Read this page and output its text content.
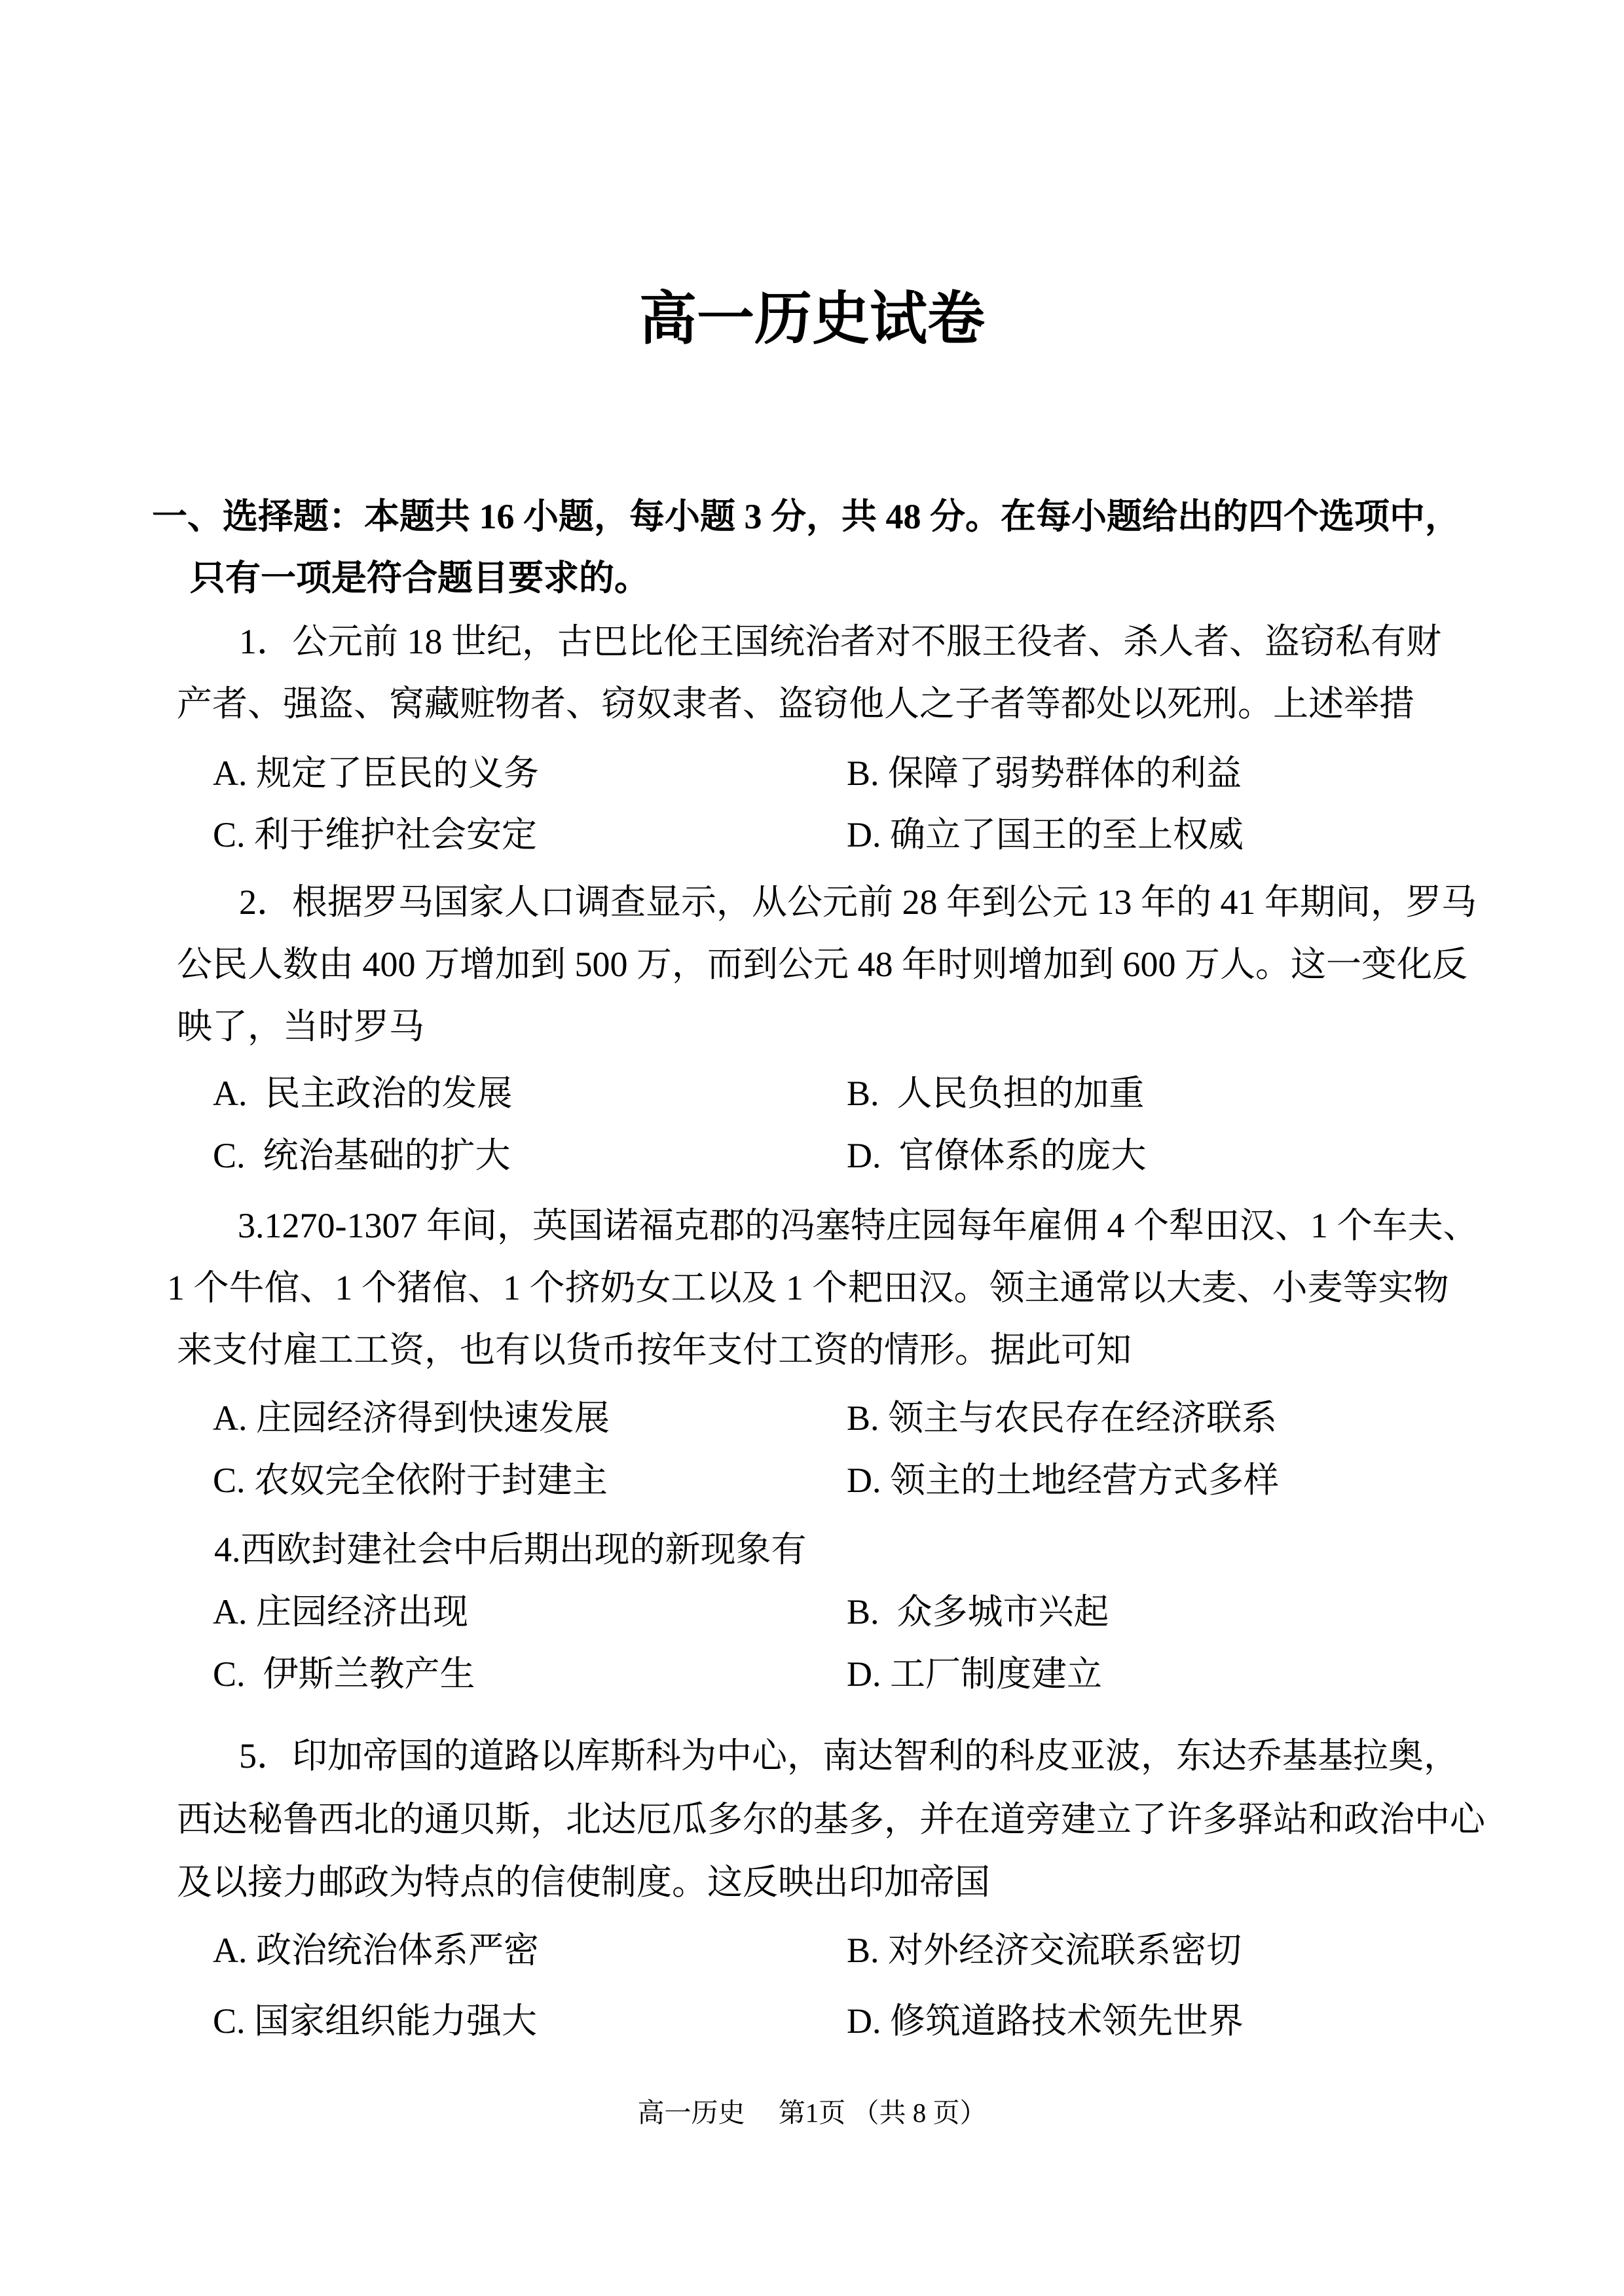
高一历史试卷
一、选择题：本题共 16 小题，每小题 3 分，共 48 分。在每小题给出的四个选项中，
只有一项是符合题目要求的。
1．公元前 18 世纪，古巴比伦王国统治者对不服王役者、杀人者、盗窃私有财
产者、强盗、窝藏赃物者、窃奴隶者、盗窃他人之子者等都处以死刑。上述举措
A. 规定了臣民的义务	B. 保障了弱势群体的利益
C. 利于维护社会安定	D. 确立了国王的至上权威
2．根据罗马国家人口调查显示，从公元前 28 年到公元 13 年的 41 年期间，罗马
公民人数由 400 万增加到 500 万，而到公元 48 年时则增加到 600 万人。这一变化反
映了，当时罗马
A.  民主政治的发展	B.  人民负担的加重
C.  统治基础的扩大	D.  官僚体系的庞大
3.1270-1307 年间，英国诺福克郡的冯塞特庄园每年雇佣 4 个犁田汉、1 个车夫、
1 个牛倌、1 个猪倌、1 个挤奶女工以及 1 个耙田汉。领主通常以大麦、小麦等实物
来支付雇工工资，也有以货币按年支付工资的情形。据此可知
A. 庄园经济得到快速发展	B. 领主与农民存在经济联系
C. 农奴完全依附于封建主	D. 领主的土地经营方式多样
4.西欧封建社会中后期出现的新现象有
A. 庄园经济出现	B.  众多城市兴起
C.  伊斯兰教产生	D. 工厂制度建立
5．印加帝国的道路以库斯科为中心，南达智利的科皮亚波，东达乔基基拉奥，
西达秘鲁西北的通贝斯，北达厄瓜多尔的基多，并在道旁建立了许多驿站和政治中心
及以接力邮政为特点的信使制度。这反映出印加帝国
A. 政治统治体系严密	B. 对外经济交流联系密切
C. 国家组织能力强大	D. 修筑道路技术领先世界
高一历史　 第1页 （共 8 页）
